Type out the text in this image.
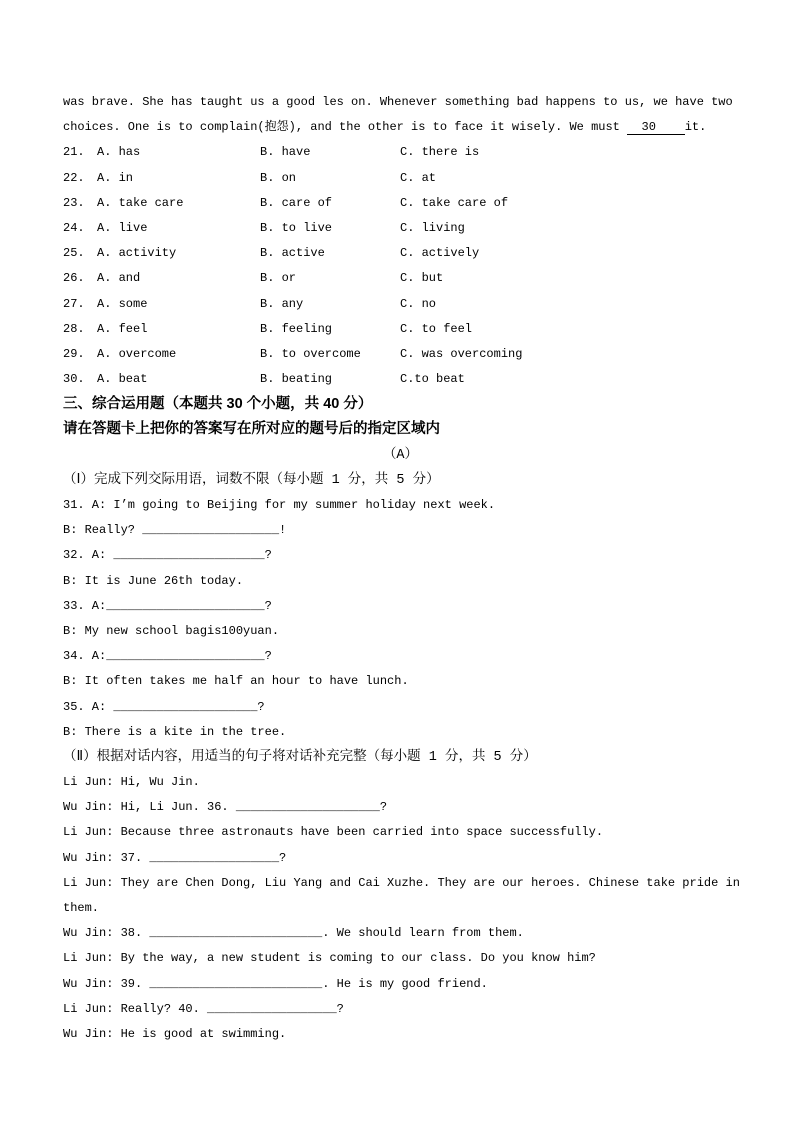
was brave. She has taught us a good les on. Whenever something bad happens to us, we have two
choices. One is to complain(抱怨), and the other is to face it wisely. We must   30    it.
21.	A. has	B. have	C. there is
22.	A. in	B. on	C. at
23.	A. take care	B. care of	C. take care of
24.	A. live	B. to live	C. living
25.	A. activity	B. active	C. actively
26.	A. and	B. or	C. but
27.	A. some	B. any	C. no
28.	A. feel	B. feeling	C. to feel
29.	A. overcome	B. to overcome	C. was overcoming
30.	A. beat	B. beating	C.to beat
三、综合运用题（本题共 30 个小题，共 40 分）
请在答题卡上把你的答案写在所对应的题号后的指定区域内
（A）
（Ⅰ）完成下列交际用语，词数不限（每小题 1 分，共 5 分）
31. A: I’m going to Beijing for my summer holiday next week.
B: Really? ___________________!
32. A: _____________________?
B: It is June 26th today.
33. A:______________________?
B: My new school bagis100yuan.
34. A:______________________?
B: It often takes me half an hour to have lunch.
35. A: ____________________?
B: There is a kite in the tree.
（Ⅱ）根据对话内容，用适当的句子将对话补充完整（每小题 1 分，共 5 分）
Li Jun: Hi, Wu Jin.
Wu Jin: Hi, Li Jun. 36. ____________________?
Li Jun: Because three astronauts have been carried into space successfully.
Wu Jin: 37. __________________?
Li Jun: They are Chen Dong, Liu Yang and Cai Xuzhe. They are our heroes. Chinese take pride in
them.
Wu Jin: 38. ________________________. We should learn from them.
Li Jun: By the way, a new student is coming to our class. Do you know him?
Wu Jin: 39. ________________________. He is my good friend.
Li Jun: Really? 40. __________________?
Wu Jin: He is good at swimming.
